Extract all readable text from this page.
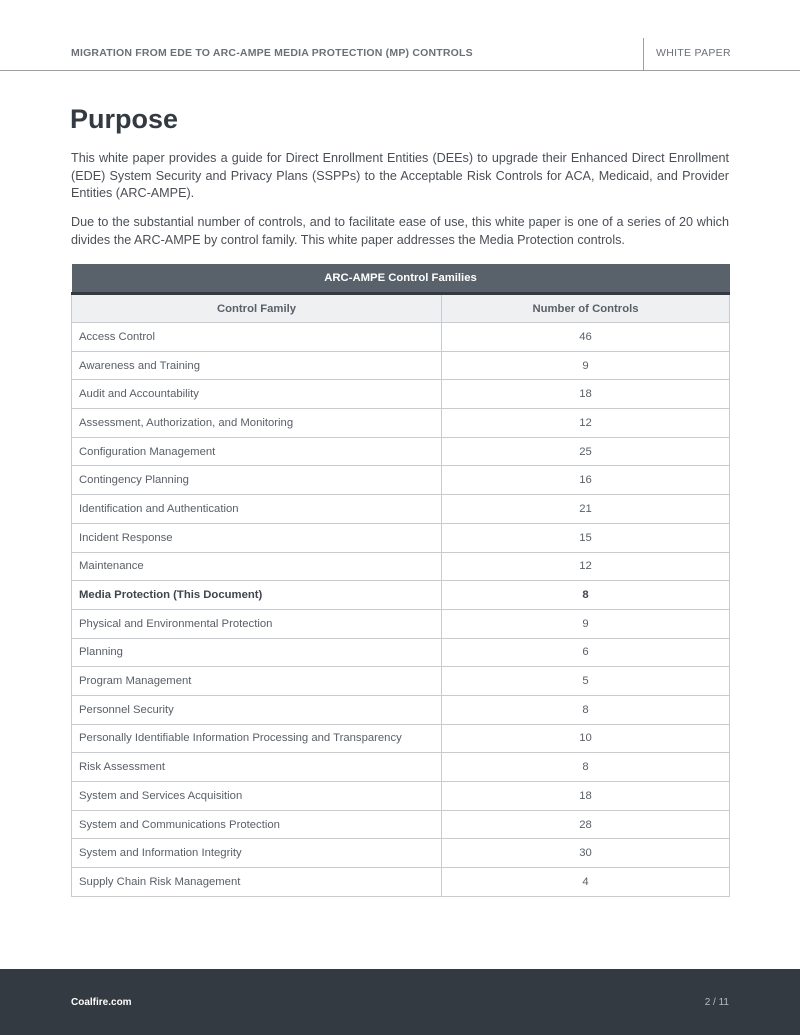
MIGRATION FROM EDE TO ARC-AMPE MEDIA PROTECTION (MP) CONTROLS	WHITE PAPER
Purpose

This white paper provides a guide for Direct Enrollment Entities (DEEs) to upgrade their Enhanced Direct Enrollment (EDE) System Security and Privacy Plans (SSPPs) to the Acceptable Risk Controls for ACA, Medicaid, and Provider Entities (ARC-AMPE).

Due to the substantial number of controls, and to facilitate ease of use, this white paper is one of a series of 20 which divides the ARC-AMPE by control family. This white paper addresses the Media Protection controls.

ARC-AMPE Control Families	
Control Family	Number of Controls
Access Control	46
Awareness and Training	9
Audit and Accountability	18
Assessment, Authorization, and Monitoring	12
Configuration Management	25
Contingency Planning	16
Identification and Authentication	21
Incident Response	15
Maintenance	12
Media Protection (This Document)	8
Physical and Environmental Protection	9
Planning	6
Program Management	5
Personnel Security	8
Personally Identifiable Information Processing and Transparency	10
Risk Assessment	8
System and Services Acquisition	18
System and Communications Protection	28
System and Information Integrity	30
Supply Chain Risk Management	4
Coalfire.com	2 / 11
